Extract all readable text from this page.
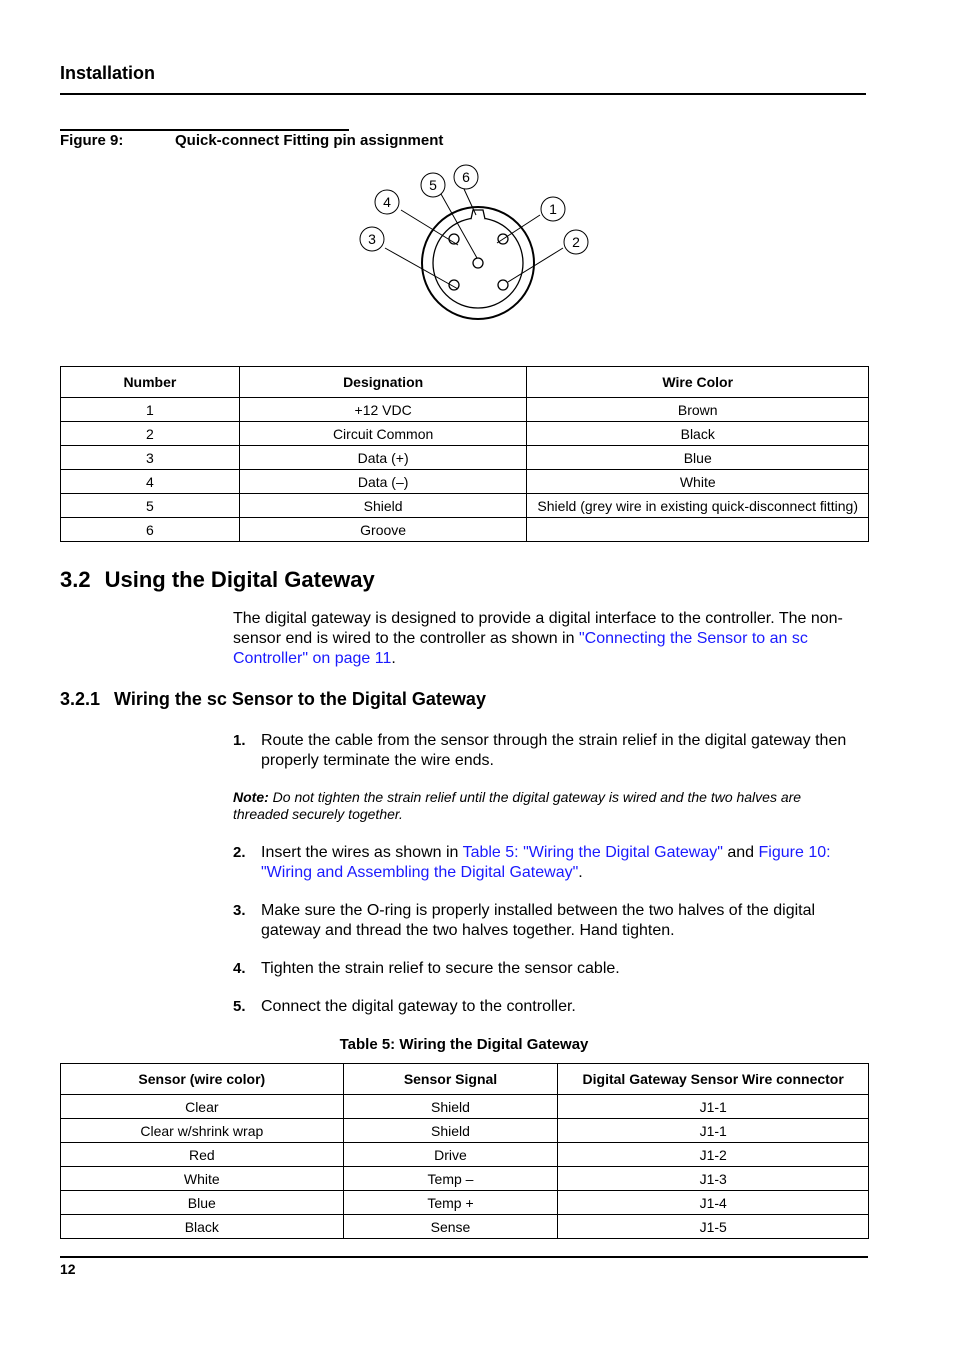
Installation
Figure 9:	Quick-connect Fitting pin assignment
1
2
3
4
5 6
Number	Designation	Wire Color
1	+12 VDC	Brown
2	Circuit Common	Black
3	Data (+)	Blue
4	Data (–)	White
5	Shield	Shield (grey wire in existing quick-disconnect fitting)
6	Groove	
3.2 Using the Digital Gateway
The digital gateway is designed to provide a digital interface to the controller. The non-sensor end is wired to the controller as shown in "Connecting the Sensor to an sc Controller" on page 11.
3.2.1 Wiring the sc Sensor to the Digital Gateway
1. Route the cable from the sensor through the strain relief in the digital gateway then properly terminate the wire ends.
Note: Do not tighten the strain relief until the digital gateway is wired and the two halves are threaded securely together.
2. Insert the wires as shown in Table 5: "Wiring the Digital Gateway" and Figure 10: "Wiring and Assembling the Digital Gateway".
3. Make sure the O-ring is properly installed between the two halves of the digital gateway and thread the two halves together. Hand tighten.
4. Tighten the strain relief to secure the sensor cable.
5. Connect the digital gateway to the controller.
Table 5: Wiring the Digital Gateway
Sensor (wire color)	Sensor Signal	Digital Gateway Sensor Wire connector
Clear	Shield	J1-1
Clear w/shrink wrap	Shield	J1-1
Red	Drive	J1-2
White	Temp –	J1-3
Blue	Temp +	J1-4
Black	Sense	J1-5
12
